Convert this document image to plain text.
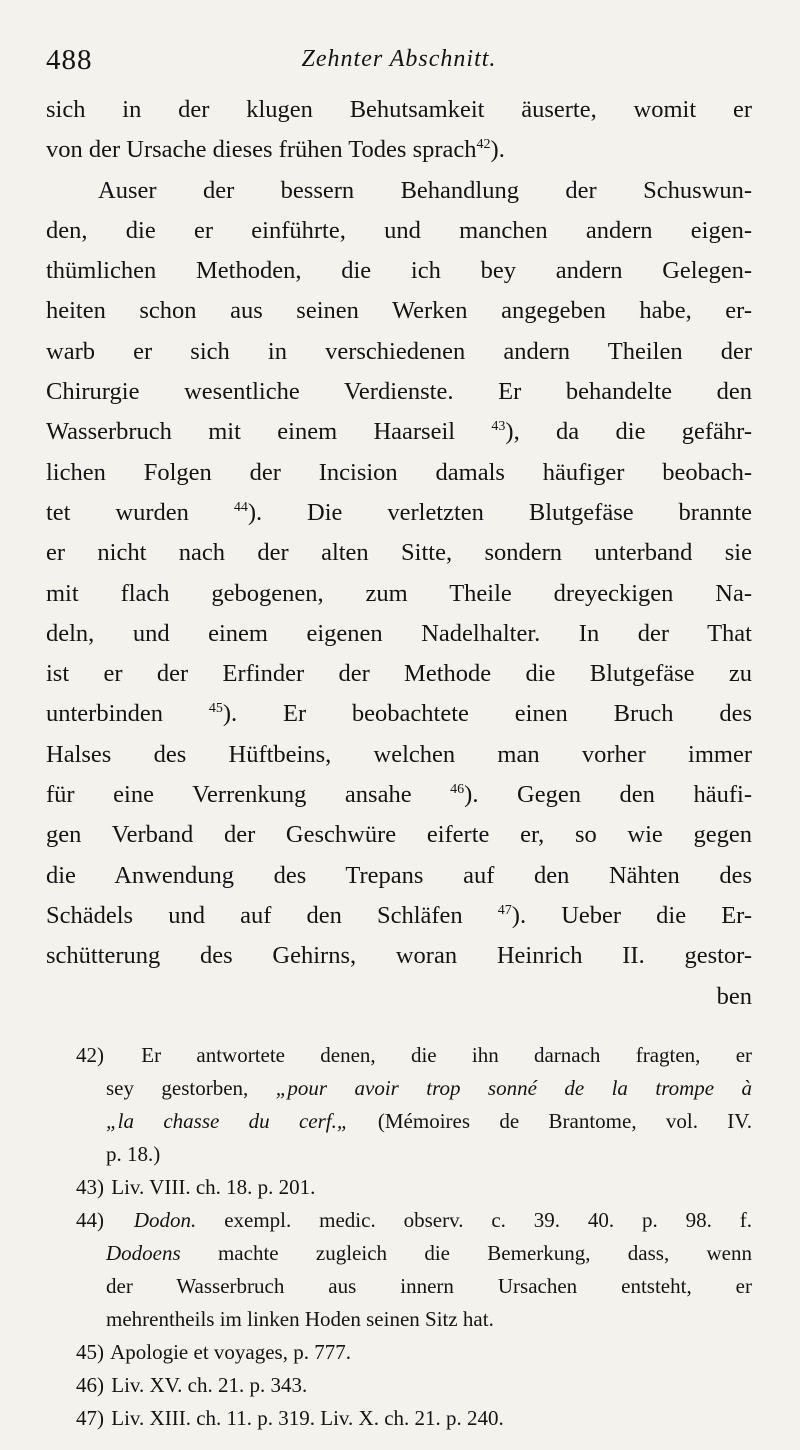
488	Zehnter Abschnitt.
sich in der klugen Behutsamkeit äuserte, womit er
von der Ursache dieses frühen Todes sprach$^{42}$).
Auser der bessern Behandlung der Schuswun-
den, die er einführte, und manchen andern eigen-
thümlichen Methoden, die ich bey andern Gelegen-
heiten schon aus seinen Werken angegeben habe, er-
warb er sich in verschiedenen andern Theilen der
Chirurgie wesentliche Verdienste. Er behandelte den
Wasserbruch mit einem Haarseil	$^{43}$), da die gefähr-
lichen Folgen der Incision damals häufiger beobach-
tet wurden	$^{44}$). Die verletzten Blutgefäse brannte
er nicht nach der alten Sitte, sondern unterband sie
mit flach gebogenen, zum Theile dreyeckigen Na-
deln, und einem eigenen Nadelhalter. In der That
ist er der Erfinder der Methode die Blutgefäse zu
unterbinden	$^{45}$). Er beobachtete einen Bruch des
Halses des Hüftbeins, welchen man vorher immer
für eine Verrenkung ansahe	$^{46}$). Gegen den häufi-
gen Verband der Geschwüre eiferte er, so wie gegen
die Anwendung des Trepans auf den Nähten des
Schädels und auf den Schläfen	$^{47}$). Ueber die Er-
schütterung des Gehirns, woran Heinrich II. gestor-
ben
42) Er antwortete denen, die ihn darnach fragten, er
sey gestorben, „pour avoir trop sonné de la trompe à
„la chasse du cerf.„ (Mémoires de Brantome, vol. IV.
p. 18.)
43) Liv. VIII. ch. 18. p. 201.
44) Dodon. exempl. medic. observ. c. 39. 40. p. 98. f.
Dodoens machte zugleich die Bemerkung, dass, wenn
der Wasserbruch aus innern Ursachen entsteht, er
mehrentheils im linken Hoden seinen Sitz hat.
45) Apologie et voyages, p. 777.
46) Liv. XV. ch. 21. p. 343.
47) Liv. XIII. ch. 11. p. 319. Liv. X. ch. 21. p. 240.
